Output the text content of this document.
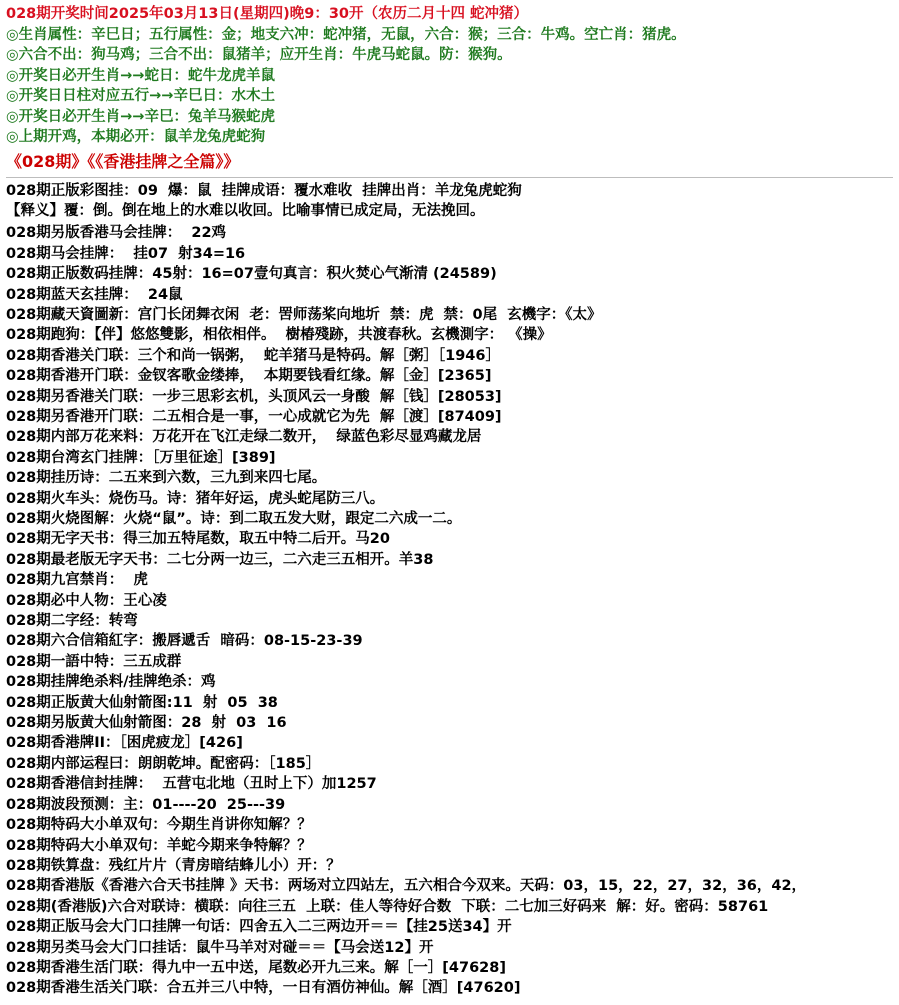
028期开奖时间2025年03月13日(星期四)晚9：30开（农历二月十四 蛇冲猪）
◎生肖属性：辛巳日；五行属性：金；地支六冲：蛇冲猪，无鼠，六合：猴；三合：牛鸡。空亡肖：猪虎。
◎六合不出：狗马鸡；三合不出：鼠猪羊；应开生肖：牛虎马蛇鼠。防：猴狗。
◎开奖日必开生肖→→蛇日：蛇牛龙虎羊鼠
◎开奖日日柱对应五行→→辛巳日：水木土
◎开奖日必开生肖→→辛巳：兔羊马猴蛇虎
◎上期开鸡，本期必开：鼠羊龙兔虎蛇狗
《028期》《《香港挂牌之全篇》》
028期正版彩图挂：09  爆：鼠  挂牌成语：覆水难收  挂牌出肖：羊龙兔虎蛇狗
【释义】覆：倒。倒在地上的水难以收回。比喻事情已成定局，无法挽回。
028期另版香港马会挂牌：  22鸡
028期马会挂牌：  挂07  射34=16
028期正版数码挂牌：45射：16=07壹句真言：积火焚心气渐清 (24589)
028期蓝天玄挂牌：  24鼠
028期藏天資圖新：宫门长闭舞衣闲  老：罟师荡桨向地圻  禁：虎  禁：0尾  玄機字：《太》
028期跑狗：【伴】悠悠雙影，相依相伴。  樹椿殘跡，共渡春秋。玄機測字： 《操》
028期香港关门联：三个和尚一锅粥，  蛇羊猪马是特码。解［粥］［1946］
028期香港开门联：金钗客歌金缕捧，  本期要钱看红缘。解［金］[2365]
028期另香港关门联：一步三思彩玄机，头顶风云一身酸  解［钱］[28053]
028期另香港开门联：二五相合是一事，一心成就它为先  解［渡］[87409]
028期内部万花来料：万花开在飞江走绿二数开，  绿蓝色彩尽显鸡藏龙居
028期台湾玄门挂牌：［万里征途］[389]
028期挂历诗：二五来到六数，三九到来四七尾。
028期火车头：烧伤马。诗：猪年好运，虎头蛇尾防三八。
028期火烧图解：火烧“鼠”。诗：到二取五发大财，跟定二六成一二。
028期无字天书：得三加五特尾数，取五中特二后开。马20
028期最老版无字天书：二七分两一边三，二六走三五相开。羊38
028期九宫禁肖：  虎
028期必中人物：王心凌
028期二字经：转弯
028期六合信箱紅字：搬唇遞舌  暗码：08-15-23-39
028期一語中特：三五成群
028期挂牌绝杀料/挂牌绝杀：鸡
028期正版黄大仙射箭图:11  射  05  38
028期另版黄大仙射箭图：28  射  03  16
028期香港牌ⅠⅠ：［困虎疲龙］[426]
028期内部运程曰：朗朗乾坤。配密码：［185］
028期香港信封挂牌：  五营屯北地（丑时上下）加1257
028期波段预测：主：01----20  25---39
028期特码大小单双句：今期生肖讲你知解？？
028期特码大小单双句：羊蛇今期来争特解？？
028期铁算盘：残红片片（青房暗结蜂儿小）开：？
028期香港版《香港六合天书挂牌 》天书：两场对立四站左，五六相合今双来。天码：03，15，22，27，32，36，42，
028期(香港版)六合对联诗：横联：向往三五  上联：佳人等待好合数  下联：二七加三好码来  解：好。密码：58761
028期正版马会大门口挂牌一句话：四舍五入二三两边开＝＝【挂25送34】开
028期另类马会大门口挂话：鼠牛马羊对对碰＝＝【马会送12】开
028期香港生活门联：得九中一五中送，尾数必开九三来。解［一］[47628]
028期香港生活关门联：合五并三八中特，一日有酒仿神仙。解［酒］[47620]
